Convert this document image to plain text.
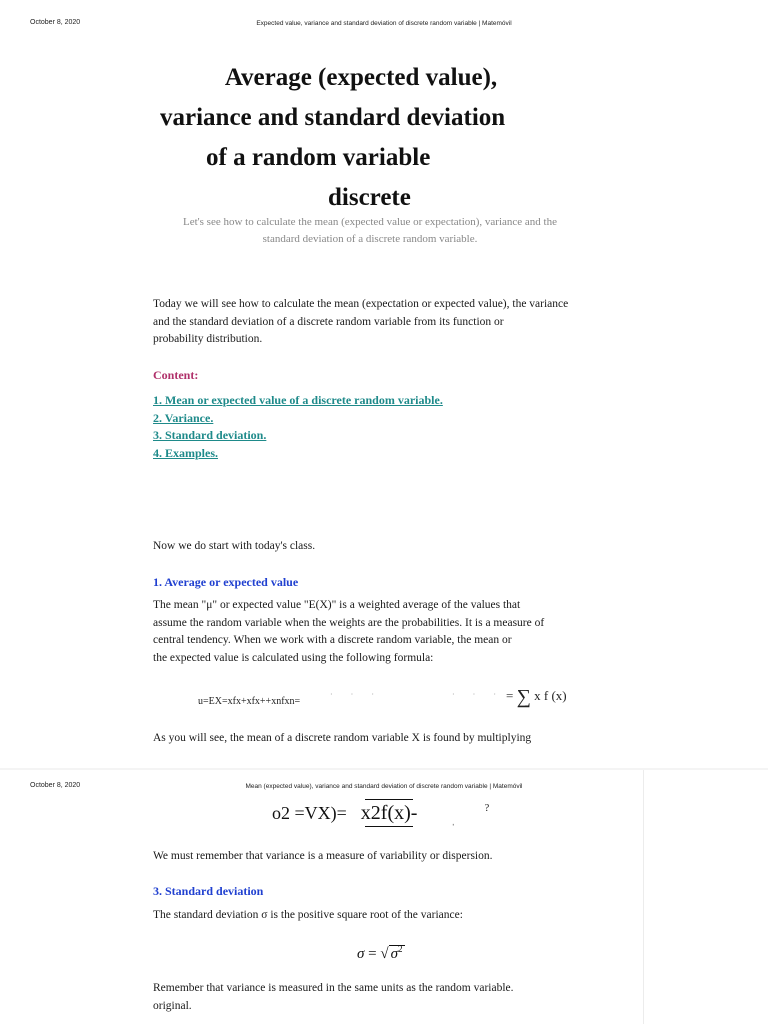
October 8, 2020	Expected value, variance and standard deviation of discrete random variable | Matemóvil
Average (expected value),
variance and standard deviation
of a random variable
discrete
Let's see how to calculate the mean (expected value or expectation), variance and the
standard deviation of a discrete random variable.
Today we will see how to calculate the mean (expectation or expected value), the variance
and the standard deviation of a discrete random variable from its function or
probability distribution.
Content:
1. Mean or expected value of a discrete random variable.
2. Variance.
3. Standard deviation.
4. Examples.
Now we do start with today's class.
1. Average or expected value
The mean "μ" or expected value "E(X)" is a weighted average of the values that
assume the random variable when the weights are the probabilities. It is a measure of
central tendency. When we work with a discrete random variable, the mean or
the expected value is calculated using the following formula:
u=EX=xfx+xfx++xnfxn=
· · ·	· · · = ∑ x f (x)
As you will see, the mean of a discrete random variable X is found by multiplying
October 8, 2020	Mean (expected value), variance and standard deviation of discrete random variable | Matemóvil
o2 =VX)= x2f(x)-	$_ˌ$?
We must remember that variance is a measure of variability or dispersion.
3. Standard deviation
The standard deviation σ is the positive square root of the variance:
σ = √ $\sigma^2$
Remember that variance is measured in the same units as the random variable.
original.
